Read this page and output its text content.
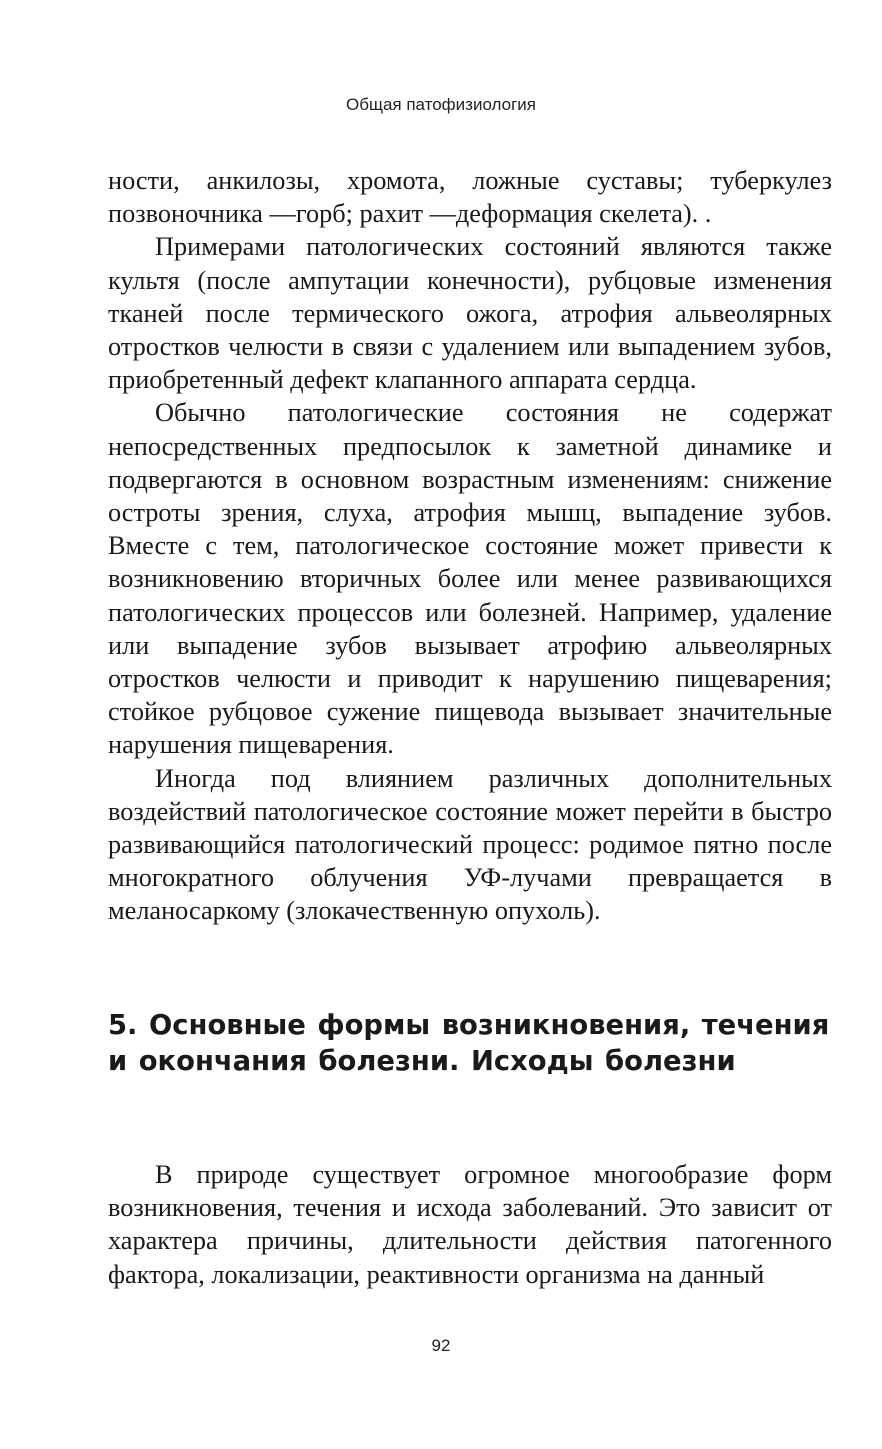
Общая патофизиология

ности, анкилозы, хромота, ложные суставы; туберкулез позвоночника —горб; рахит —деформация скелета). .

Примерами патологических состояний являются также культя (после ампутации конечности), рубцовые изменения тканей после термического ожога, атрофия альвеолярных отростков челюсти в связи с удалением или выпадением зубов, приобретенный дефект клапанного аппарата сердца.

Обычно патологические состояния не содержат непосредственных предпосылок к заметной динамике и подвергаются в основном возрастным изменениям: снижение остроты зрения, слуха, атрофия мышц, выпадение зубов. Вместе с тем, патологическое состояние может привести к возникновению вторичных более или менее развивающихся патологических процессов или болезней. Например, удаление или выпадение зубов вызывает атрофию альвеолярных отростков челюсти и приводит к нарушению пищеварения; стойкое рубцовое сужение пищевода вызывает значительные нарушения пищеварения.

Иногда под влиянием различных дополнительных воздействий патологическое состояние может перейти в быстро развивающийся патологический процесс: родимое пятно после многократного облучения УФ-лучами превращается в меланосаркому (злокачественную опухоль).

5. Основные формы возникновения, течения и окончания болезни. Исходы болезни

В природе существует огромное многообразие форм возникновения, течения и исхода заболеваний. Это зависит от характера причины, длительности действия патогенного фактора, локализации, реактивности организма на данный

92
